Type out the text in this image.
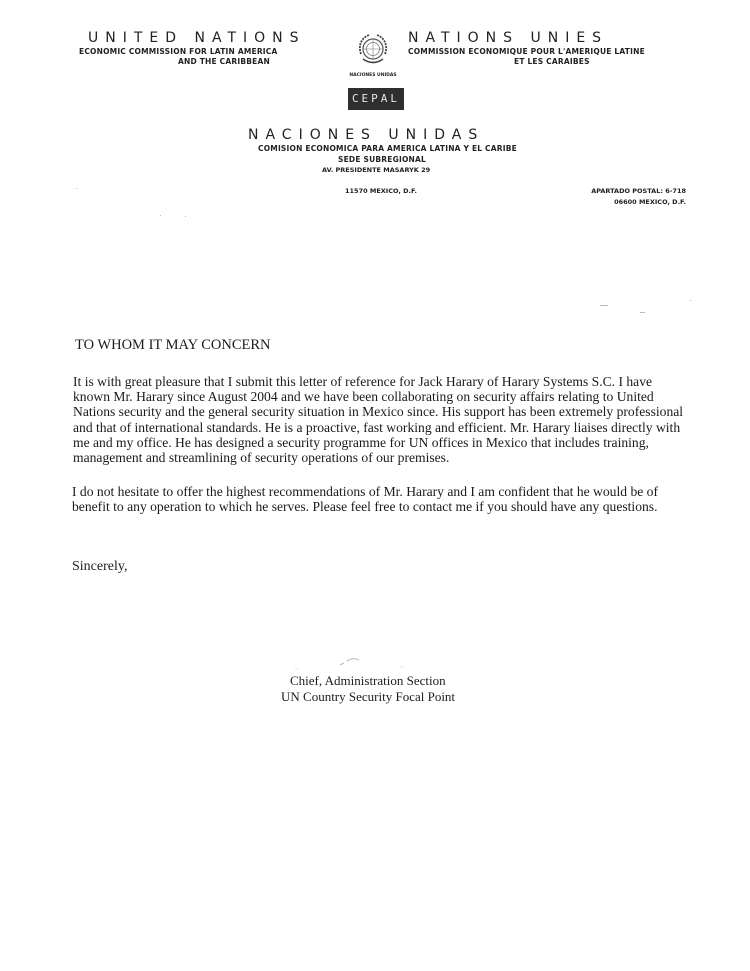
UNITED NATIONS
ECONOMIC COMMISSION FOR LATIN AMERICA
AND THE CARIBBEAN
NACIONES UNIDAS
CEPAL
NATIONS UNIES
COMMISSION ECONOMIQUE POUR L'AMERIQUE LATINE
ET LES CARAIBES
NACIONES UNIDAS
COMISION ECONOMICA PARA AMERICA LATINA Y EL CARIBE
SEDE SUBREGIONAL
AV. PRESIDENTE MASARYK 29
11570 MEXICO, D.F.	APARTADO POSTAL: 6-718
06600 MEXICO, D.F.
TO WHOM IT MAY CONCERN
It is with great pleasure that I submit this letter of reference for Jack Harary of Harary Systems S.C. I have known Mr. Harary since August 2004 and we have been collaborating on security affairs relating to United Nations security and the general security situation in Mexico since. His support has been extremely professional and that of international standards. He is a proactive, fast working and efficient. Mr. Harary liaises directly with me and my office. He has designed a security programme for UN offices in Mexico that includes training, management and streamlining of security operations of our premises.
I do not hesitate to offer the highest recommendations of Mr. Harary and I am confident that he would be of benefit to any operation to which he serves. Please feel free to contact me if you should have any questions.
Sincerely,
Chief, Administration Section
UN Country Security Focal Point
